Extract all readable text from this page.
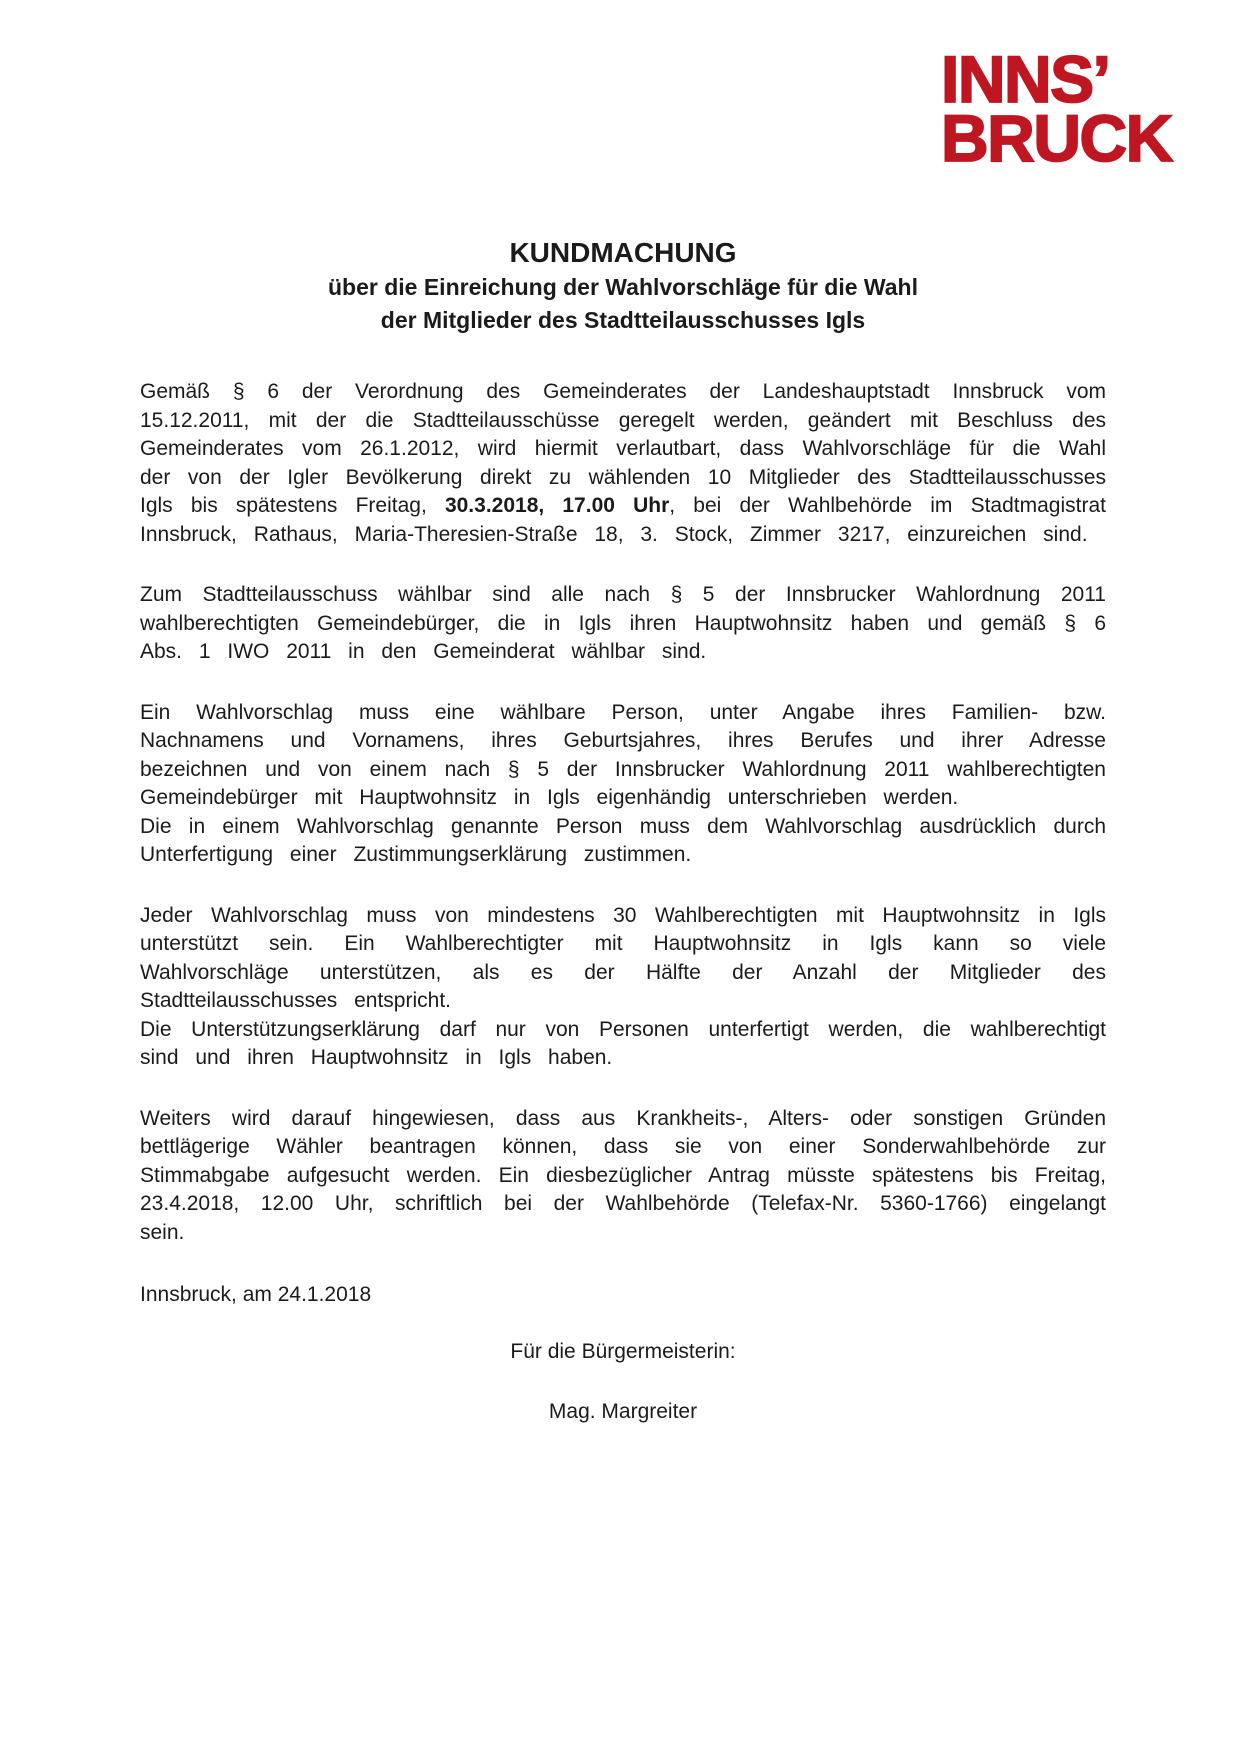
INNS’
BRUCK
KUNDMACHUNG
über die Einreichung der Wahlvorschläge für die Wahl
der Mitglieder des Stadtteilausschusses Igls

Gemäß § 6 der Verordnung des Gemeinderates der Landeshauptstadt Innsbruck vom 15.12.2011, mit der die Stadtteilausschüsse geregelt werden, geändert mit Beschluss des Gemeinderates vom 26.1.2012, wird hiermit verlautbart, dass Wahlvorschläge für die Wahl der von der Igler Bevölkerung direkt zu wählenden 10 Mitglieder des Stadtteilausschusses Igls bis spätestens Freitag, 30.3.2018, 17.00 Uhr, bei der Wahlbehörde im Stadtmagistrat Innsbruck, Rathaus, Maria-Theresien-Straße 18, 3. Stock, Zimmer 3217, einzureichen sind.

Zum Stadtteilausschuss wählbar sind alle nach § 5 der Innsbrucker Wahlordnung 2011 wahlberechtigten Gemeindebürger, die in Igls ihren Hauptwohnsitz haben und gemäß § 6 Abs. 1 IWO 2011 in den Gemeinderat wählbar sind.

Ein Wahlvorschlag muss eine wählbare Person, unter Angabe ihres Familien- bzw. Nachnamens und Vornamens, ihres Geburtsjahres, ihres Berufes und ihrer Adresse bezeichnen und von einem nach § 5 der Innsbrucker Wahlordnung 2011 wahlberechtigten Gemeindebürger mit Hauptwohnsitz in Igls eigenhändig unterschrieben werden.

Die in einem Wahlvorschlag genannte Person muss dem Wahlvorschlag ausdrücklich durch Unterfertigung einer Zustimmungserklärung zustimmen.

Jeder Wahlvorschlag muss von mindestens 30 Wahlberechtigten mit Hauptwohnsitz in Igls unterstützt sein. Ein Wahlberechtigter mit Hauptwohnsitz in Igls kann so viele Wahlvorschläge unterstützen, als es der Hälfte der Anzahl der Mitglieder des Stadtteilausschusses entspricht.

Die Unterstützungserklärung darf nur von Personen unterfertigt werden, die wahlberechtigt sind und ihren Hauptwohnsitz in Igls haben.

Weiters wird darauf hingewiesen, dass aus Krankheits-, Alters- oder sonstigen Gründen bettlägerige Wähler beantragen können, dass sie von einer Sonderwahlbehörde zur Stimmabgabe aufgesucht werden. Ein diesbezüglicher Antrag müsste spätestens bis Freitag, 23.4.2018, 12.00 Uhr, schriftlich bei der Wahlbehörde (Telefax-Nr. 5360-1766) eingelangt sein.

Innsbruck, am 24.1.2018

Für die Bürgermeisterin:

Mag. Margreiter
